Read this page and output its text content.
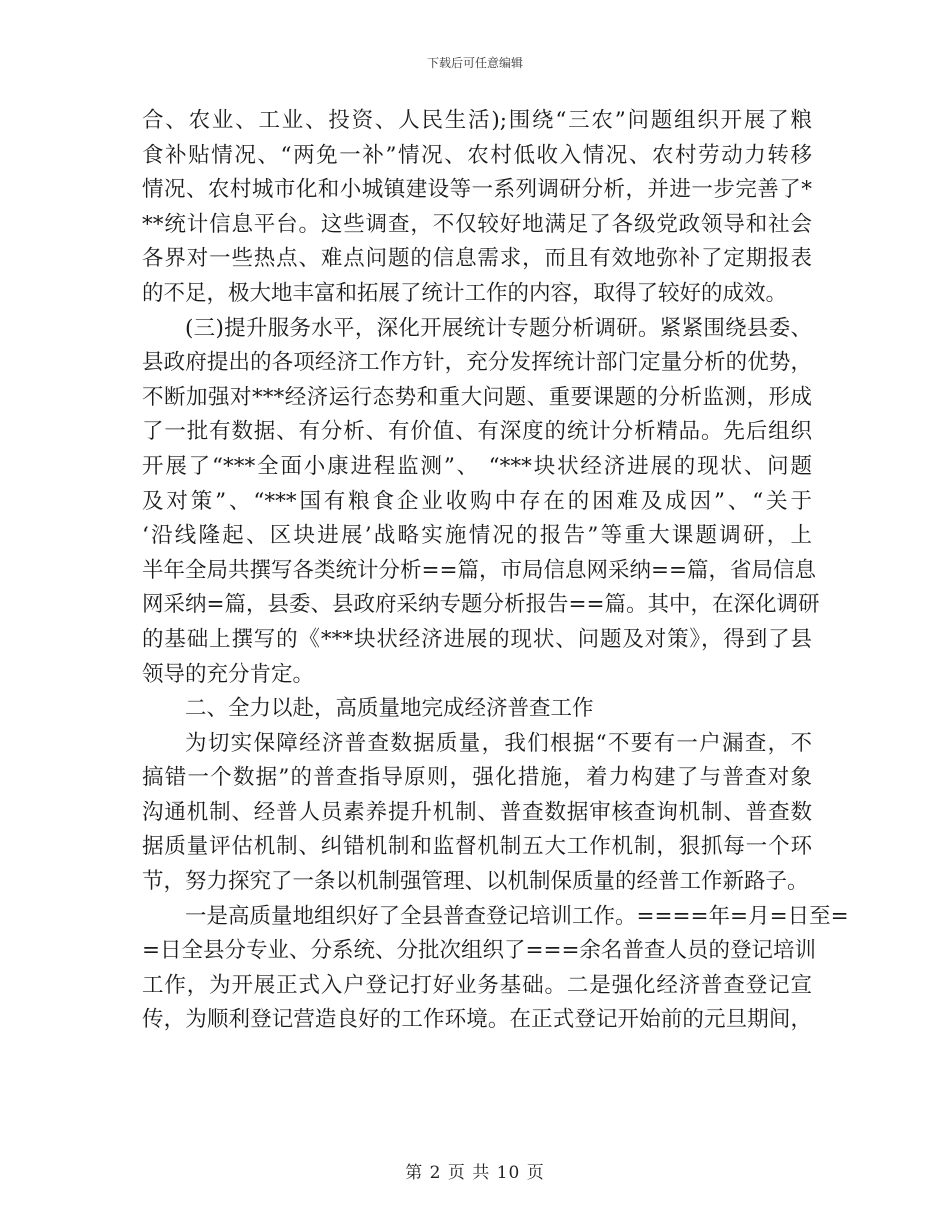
下载后可任意编辑
合、农业、工业、投资、人民生活);围绕“三农”问题组织开展了粮
食补贴情况、“两免一补”情况、农村低收入情况、农村劳动力转移
情况、农村城市化和小城镇建设等一系列调研分析，并进一步完善了*
**统计信息平台。这些调查，不仅较好地满足了各级党政领导和社会
各界对一些热点、难点问题的信息需求，而且有效地弥补了定期报表
的不足，极大地丰富和拓展了统计工作的内容，取得了较好的成效。
(三)提升服务水平，深化开展统计专题分析调研。紧紧围绕县委、
县政府提出的各项经济工作方针，充分发挥统计部门定量分析的优势，
不断加强对***经济运行态势和重大问题、重要课题的分析监测，形成
了一批有数据、有分析、有价值、有深度的统计分析精品。先后组织
开展了“***全面小康进程监测”、 “***块状经济进展的现状、问题
及对策”、“***国有粮食企业收购中存在的困难及成因”、“关于
‘沿线隆起、区块进展’战略实施情况的报告”等重大课题调研，上
半年全局共撰写各类统计分析==篇，市局信息网采纳==篇，省局信息
网采纳=篇，县委、县政府采纳专题分析报告==篇。其中，在深化调研
的基础上撰写的《***块状经济进展的现状、问题及对策》，得到了县
领导的充分肯定。
二、全力以赴，高质量地完成经济普查工作
为切实保障经济普查数据质量，我们根据“不要有一户漏查，不
搞错一个数据”的普查指导原则，强化措施，着力构建了与普查对象
沟通机制、经普人员素养提升机制、普查数据审核查询机制、普查数
据质量评估机制、纠错机制和监督机制五大工作机制，狠抓每一个环
节，努力探究了一条以机制强管理、以机制保质量的经普工作新路子。
一是高质量地组织好了全县普查登记培训工作。====年=月=日至=
=日全县分专业、分系统、分批次组织了===余名普查人员的登记培训
工作，为开展正式入户登记打好业务基础。二是强化经济普查登记宣
传，为顺利登记营造良好的工作环境。在正式登记开始前的元旦期间，
第 2 页 共 10 页
